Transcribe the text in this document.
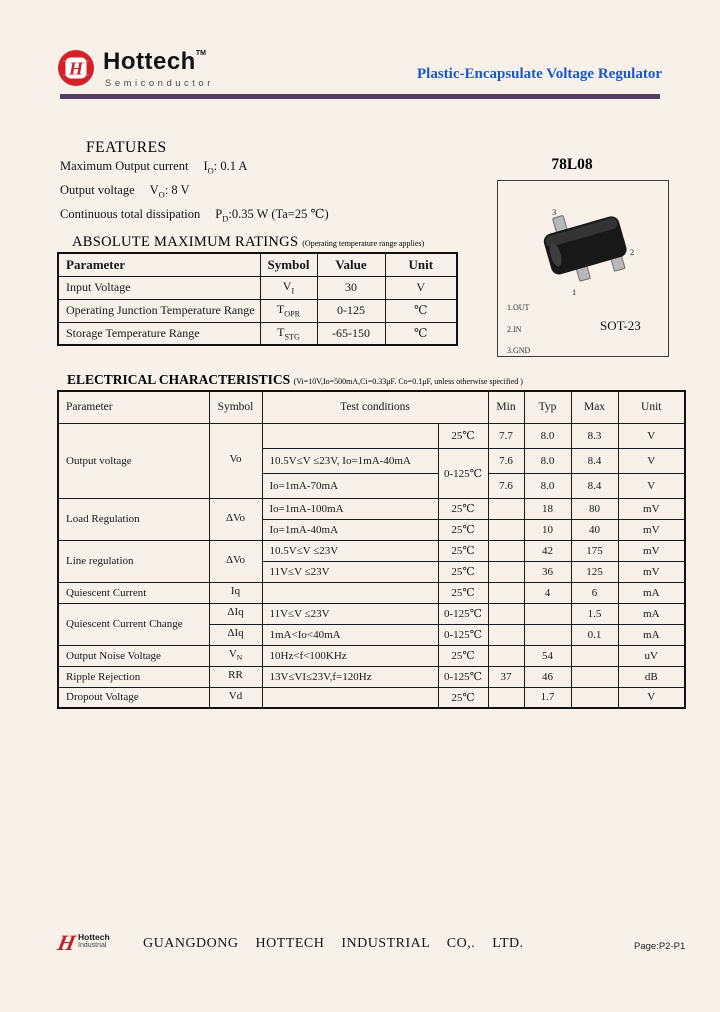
H Hottech™
Semiconductor
Plastic-Encapsulate Voltage Regulator
FEATURES
Maximum Output current $I_O$: 0.1 A
Output voltage $V_O$: 8 V
Continuous total dissipation $P_D:0.35$ W (Ta=25 ℃)
78L08
3
2
1
1.OUT
2.IN
3.GND
SOT-23
ABSOLUTE MAXIMUM RATINGS (Operating temperature range applies)
Parameter	Symbol	Value	Unit
Input Voltage	$V_I$	30	V
Operating Junction Temperature Range	$T_{OPR}$	0-125	℃
Storage Temperature Range	$T_{STG}$	-65-150	℃
ELECTRICAL CHARACTERISTICS (Vi=10V,Io=500mA,Ci=0.33μF. Co=0.1μF, unless otherwise specified )
Parameter	Symbol	Test conditions		Min	Typ	Max	Unit
Output voltage	Vo		25℃	7.7	8.0	8.3	V
		10.5V≤V ≤23V, Io=1mA-40mA	0-125℃	7.6	8.0	8.4	V
		Io=1mA-70mA		7.6	8.0	8.4	V
Load Regulation	ΔVo	Io=1mA-100mA	25℃		18	80	mV
		Io=1mA-40mA	25℃		10	40	mV
Line regulation	ΔVo	10.5V≤V ≤23V	25℃		42	175	mV
		11V≤V ≤23V	25℃		36	125	mV
Quiescent Current	Iq		25℃		4	6	mA
Quiescent Current Change	ΔIq	11V≤V ≤23V	0-125℃			1.5	mA
	ΔIq	1mA<Io<40mA	0-125℃			0.1	mA
Output Noise Voltage	$V_N$	10Hz<f<100KHz	25℃		54		uV
Ripple Rejection	RR	13V≤VI≤23V,f=120Hz	0-125℃	37	46		dB
Dropout Voltage	Vd		25℃		1.7		V
H Hottech
Industrial	GUANGDONG HOTTECH INDUSTRIAL CO,. LTD.	Page:P2-P1
